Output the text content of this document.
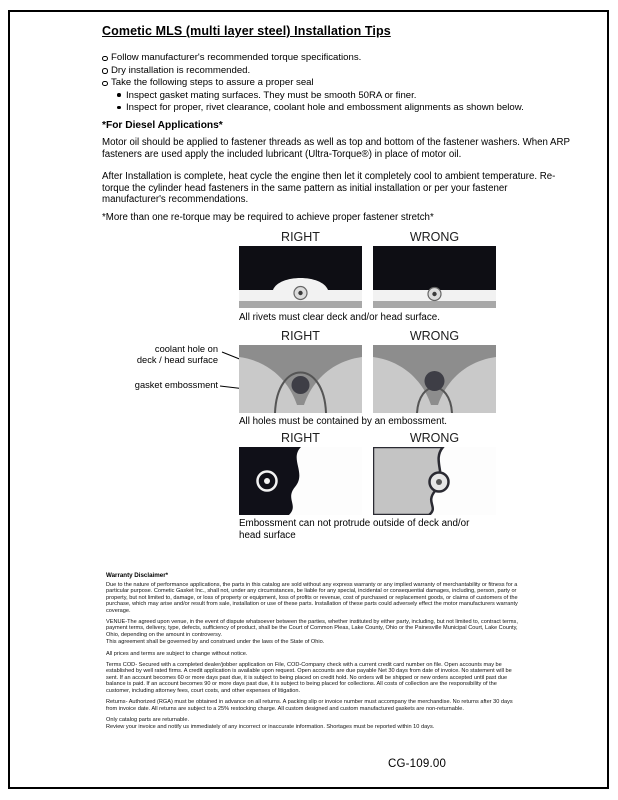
Cometic MLS (multi layer steel) Installation Tips
Follow manufacturer's recommended torque specifications.
Dry installation is recommended.
Take the following steps to assure a proper seal
Inspect gasket mating surfaces. They must be smooth 50RA or finer.
Inspect for proper, rivet clearance, coolant hole and embossment alignments as shown below.
*For Diesel Applications*

Motor oil should be applied to fastener threads as well as top and bottom of the fastener washers. When ARP fasteners are used apply the included lubricant (Ultra-Torque®) in place of motor oil.

After Installation is complete, heat cycle the engine then let it completely cool to ambient temperature. Re-torque the cylinder head fasteners in the same pattern as initial installation or per your fastener manufacturer's recommendations.

*More than one re-torque may be required to achieve proper fastener stretch*

RIGHT	WRONG
All rivets must clear deck and/or head surface.
RIGHT	WRONG
coolant hole on
deck / head surface
gasket embossment
All holes must be contained by an embossment.
RIGHT	WRONG
Embossment can not protrude outside of deck and/or head surface
Warranty Disclaimer*

Due to the nature of performance applications, the parts in this catalog are sold without any express warranty or any implied warranty of merchantability or fitness for a particular purpose. Cometic Gasket Inc., shall not, under any circumstances, be liable for any special, incidental or consequential damages, including, person, party or property, but not limited to, damage, or loss of property or equipment, loss of profits or revenue, cost of purchased or replacement goods, or claims of customers of the purchase, which may arise and/or result from sale, installation or use of these parts. Installation of these parts could adversely effect the motor manufacturers warranty coverage.

VENUE-The agreed upon venue, in the event of dispute whatsoever between the parties, whether instituted by either party, including, but not limited to, contract terms, payment terms, delivery, type, defects, sufficiency of product, shall be the Court of Common Pleas, Lake County, Ohio or the Painesville Municipal Court, Lake County, Ohio, depending on the amount in controversy.

This agreement shall be governed by and construed under the laws of the State of Ohio.

All prices and terms are subject to change without notice.

Terms COD- Secured with a completed dealer/jobber application on File, COD-Company check with a current credit card number on file. Open accounts may be established by well rated firms. A credit application is available upon request. Open accounts are due payable Net 30 days from date of invoice. No statement will be sent. If an account becomes 60 or more days past due, it is subject to being placed on credit hold. No orders will be shipped or new orders accepted until past due balance is paid. If an account becomes 90 or more days past due, it is subject to being placed for collections. All costs of collection are the responsibility of the customer, including attorney fees, court costs, and other expenses of litigation.

Returns- Authorized (RGA) must be obtained in advance on all returns. A packing slip or invoice number must accompany the merchandise. No returns after 30 days from invoice date. All returns are subject to a 25% restocking charge. All custom designed and custom manufactured gaskets are non-returnable.

Only catalog parts are returnable.

Review your invoice and notify us immediately of any incorrect or inaccurate information. Shortages must be reported within 10 days.

CG-109.00
